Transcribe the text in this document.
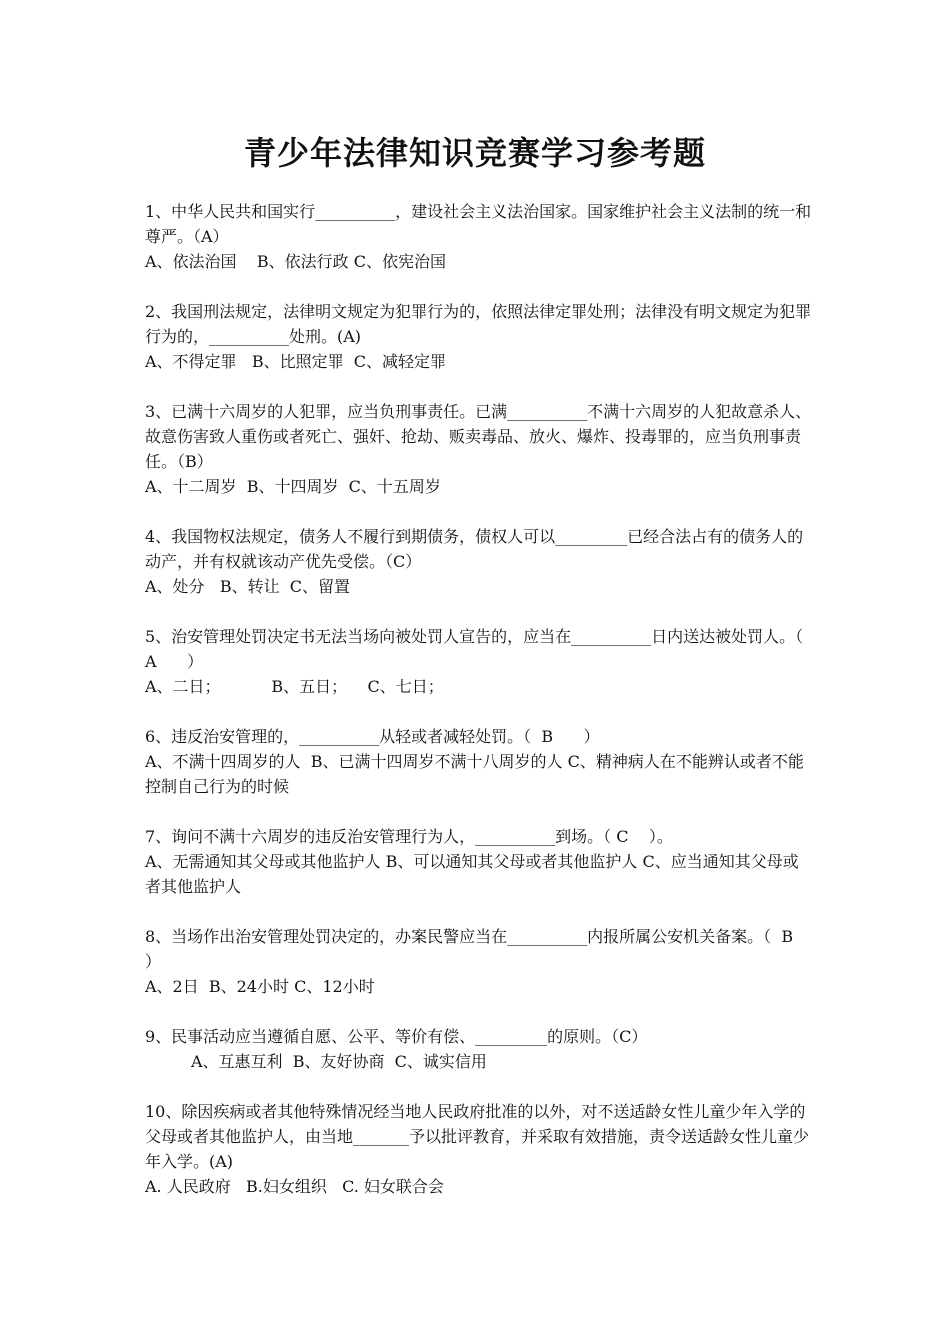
青少年法律知识竞赛学习参考题

1、中华人民共和国实行__________，建设社会主义法治国家。国家维护社会主义法制的统一和尊严。（A）

A、依法治国    B、依法行政 C、依宪治国

2、我国刑法规定，法律明文规定为犯罪行为的，依照法律定罪处刑；法律没有明文规定为犯罪行为的，__________处刑。(A)

A、不得定罪   B、比照定罪  C、减轻定罪

3、已满十六周岁的人犯罪，应当负刑事责任。已满__________不满十六周岁的人犯故意杀人、故意伤害致人重伤或者死亡、强奸、抢劫、贩卖毒品、放火、爆炸、投毒罪的，应当负刑事责任。（B）

A、十二周岁  B、十四周岁  C、十五周岁

4、我国物权法规定，债务人不履行到期债务，债权人可以_________已经合法占有的债务人的动产，并有权就该动产优先受偿。（C）

A、处分   B、转让  C、留置

5、治安管理处罚决定书无法当场向被处罚人宣告的，应当在__________日内送达被处罚人。（    A      ）

A、二日；          B、五日；    C、七日；

6、违反治安管理的，__________从轻或者减轻处罚。（  B      ）

A、不满十四周岁的人  B、已满十四周岁不满十八周岁的人 C、精神病人在不能辨认或者不能控制自己行为的时候

7、询问不满十六周岁的违反治安管理行为人，__________到场。（ C    ）。

A、无需通知其父母或其他监护人 B、可以通知其父母或者其他监护人 C、应当通知其父母或者其他监护人

8、当场作出治安管理处罚决定的，办案民警应当在__________内报所属公安机关备案。（  B    ）

A、2日  B、24小时 C、12小时

9、民事活动应当遵循自愿、公平、等价有偿、_________的原则。（C）

A、互惠互利  B、友好协商  C、诚实信用

10、除因疾病或者其他特殊情况经当地人民政府批准的以外，对不送适龄女性儿童少年入学的父母或者其他监护人，由当地_______予以批评教育，并采取有效措施，责令送适龄女性儿童少年入学。(A)

A. 人民政府   B.妇女组织   C. 妇女联合会
